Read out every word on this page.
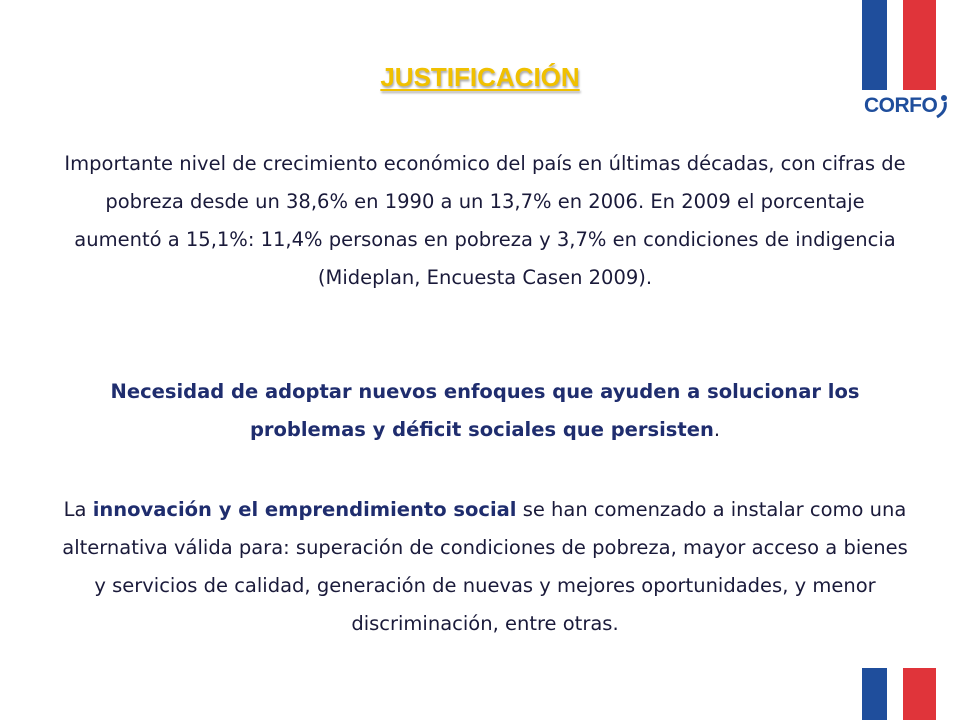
CORFO
JUSTIFICACIÓN
Importante nivel de crecimiento económico del país en últimas décadas, con cifras de pobreza desde un 38,6% en 1990 a un 13,7% en 2006. En 2009 el porcentaje aumentó a 15,1%: 11,4% personas en pobreza y 3,7% en condiciones de indigencia (Mideplan, Encuesta Casen 2009).
Necesidad de adoptar nuevos enfoques que ayuden a solucionar los problemas y déficit sociales que persisten.
La innovación y el emprendimiento social se han comenzado a instalar como una alternativa válida para: superación de condiciones de pobreza, mayor acceso a bienes y servicios de calidad, generación de nuevas y mejores oportunidades, y menor discriminación, entre otras.
